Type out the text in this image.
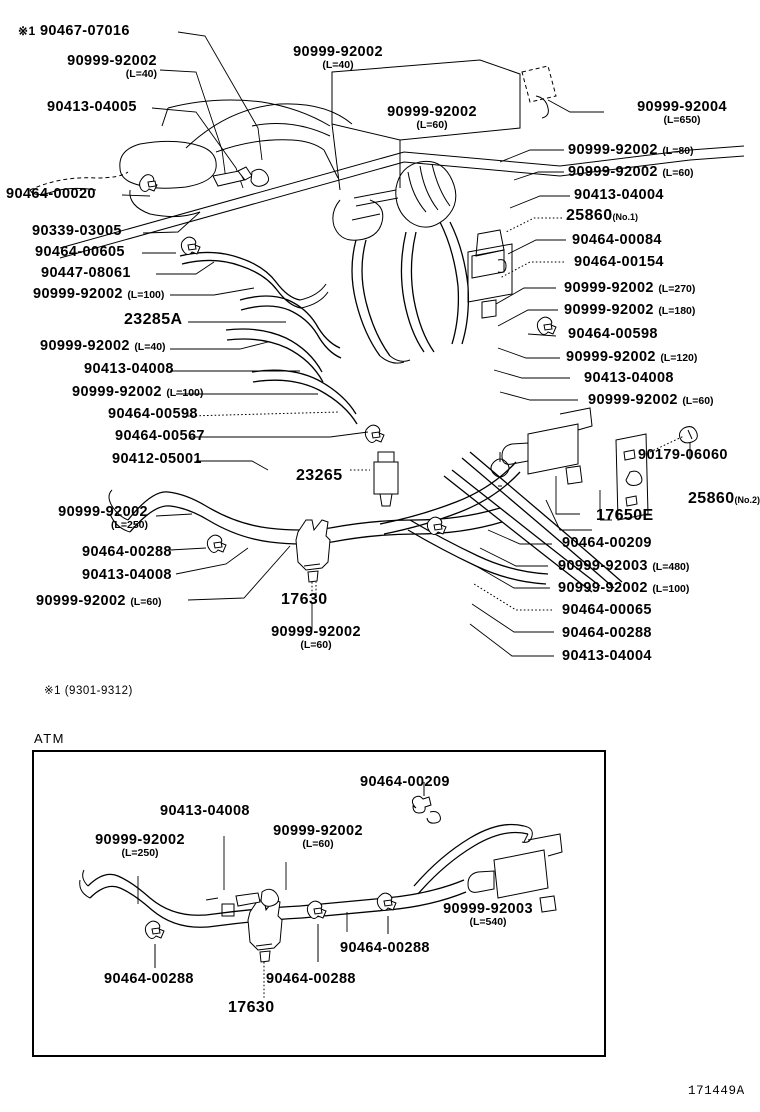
※1 90467-07016
90999-92002
(L=40)
90413-04005
90464-00020
90339-03005
90464-00605
90447-08061
90999-92002 (L=100)
23285A
90999-92002 (L=40)
90413-04008
90999-92002 (L=100)
90464-00598
90464-00567
90412-05001
90999-92002
(L=250)
90464-00288
90413-04008
90999-92002 (L=60)
23265
17630
90999-92002
(L=60)
90999-92002
(L=40)
90999-92002
(L=60)
90999-92004
(L=650)
90999-92002 (L=80)
90999-92002 (L=60)
90413-04004
25860(No.1)
90464-00084
90464-00154
90999-92002 (L=270)
90999-92002 (L=180)
90464-00598
90999-92002 (L=120)
90413-04008
90999-92002 (L=60)
90179-06060
25860(No.2)
17650E
90464-00209
90999-92003 (L=480)
90999-92002 (L=100)
90464-00065
90464-00288
90413-04004
※1 (9301-9312)
ATM
90464-00209
90413-04008
90999-92002
(L=60)
90999-92002
(L=250)
90999-92003
(L=540)
90464-00288
90464-00288
90464-00288
17630
171449A
